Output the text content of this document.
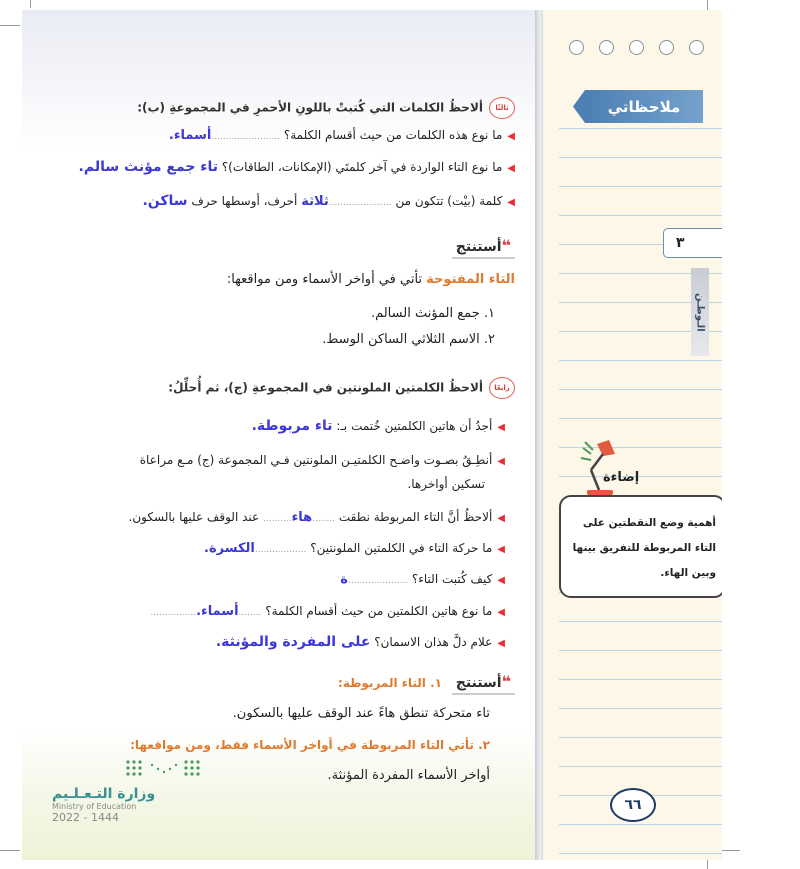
ثالثًاألاحظُ الكلمات التي كُتبتْ باللونِ الأحمرِ في المجموعةِ (ب):
◀ما نوع هذه الكلمات من حيث أقسام الكلمة؟ ........................أسماء.
◀ما نوع التاء الواردة في آخر كلمتَي (الإمكانات، الطاقات)؟ تاء جمع مؤنث سالم.
◀كلمة (بيْت) تتكون من ......................ثلاثة أحرف، أوسطها حرف ساكن.
❝أستنتج
التاء المفتوحة تأتي في أواخر الأسماء ومن مواقعها:
١. جمع المؤنث السالم.
٢. الاسم الثلاثي الساكن الوسط.
رابعًاألاحظُ الكلمتين الملونتين في المجموعةِ (ج)، ثم أُحلِّلُ:
◀أجدُ أن هاتين الكلمتين خُتمت بـ: تاء مربوطة.
◀أنطِـقُ بصـوت واضـح الكلمتيـن الملونتين فـي المجموعة (ج) مـع مراعاة
تسكين أواخرها.
◀ألاحظُ أنَّ التاء المربوطة نطقت ........هاء.......... عند الوقف عليها بالسكون.
◀ما حركة التاء في الكلمتين الملونتين؟ ..................الكسرة.
◀كيف كُتبت التاء؟ .....................ة
◀ما نوع هاتين الكلمتين من حيث أقسام الكلمة؟ ........أسماء.................
◀علام دلَّ هذان الاسمان؟ على المفردة والمؤنثة.
❝أستنتج ١. التاء المربوطة:
تاء متحركة تنطق هاءً عند الوقف عليها بالسكون.
٢. تأتي التاء المربوطة في أواخر الأسماء فقط، ومن مواقعها:
أواخر الأسماء المفردة المؤنثة.
وزارة التـعـلـيم
Ministry of Education
2022 - 1444
ملاحظاتي
٣
الـوطـن
إضاءة
أهمية وضع النقطتين على
التاء المربوطة للتفريق بينها
وبين الهاء.
٦٦
